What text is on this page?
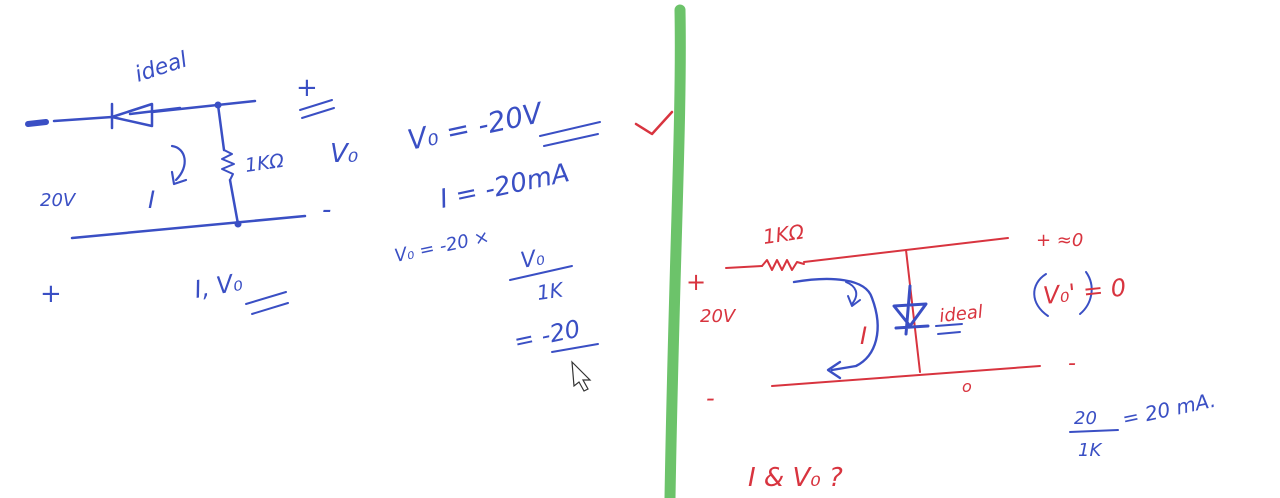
ideal
20V
1KΩ
I
V₀
+
-
+	I, V₀
V₀ = -20V
I = -20mA
V₀ = -20 × V₀
1K
= -20
1KΩ
+
20V
-
I
ideal
+ ≈0
V₀' = 0
-
o
20
1K
= 20 mA.
I & V₀ ?
